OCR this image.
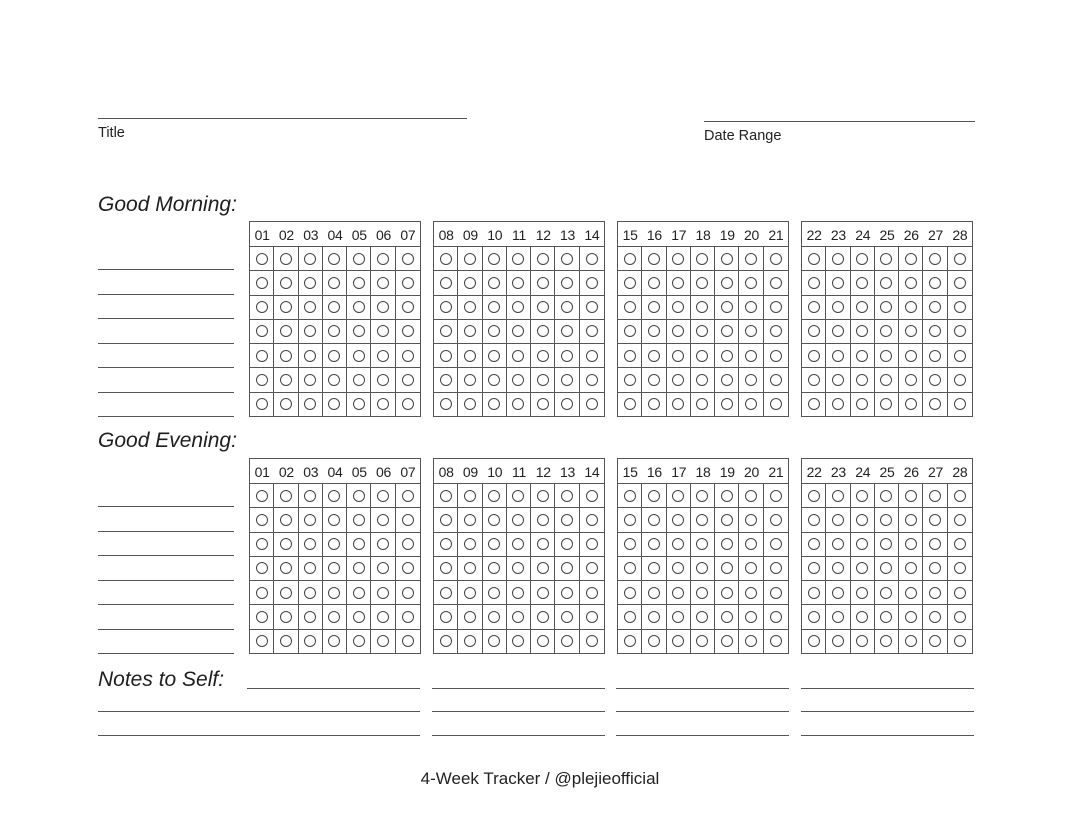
Title	Date Range
Good Morning:
01 02 03 04 05 06 07	08 09 10 11 12 13 14	15 16 17 18 19 20 21	22 23 24 25 26 27 28
Good Evening:
01 02 03 04 05 06 07	08 09 10 11 12 13 14	15 16 17 18 19 20 21	22 23 24 25 26 27 28
Notes to Self:
4-Week Tracker / @plejieofficial
